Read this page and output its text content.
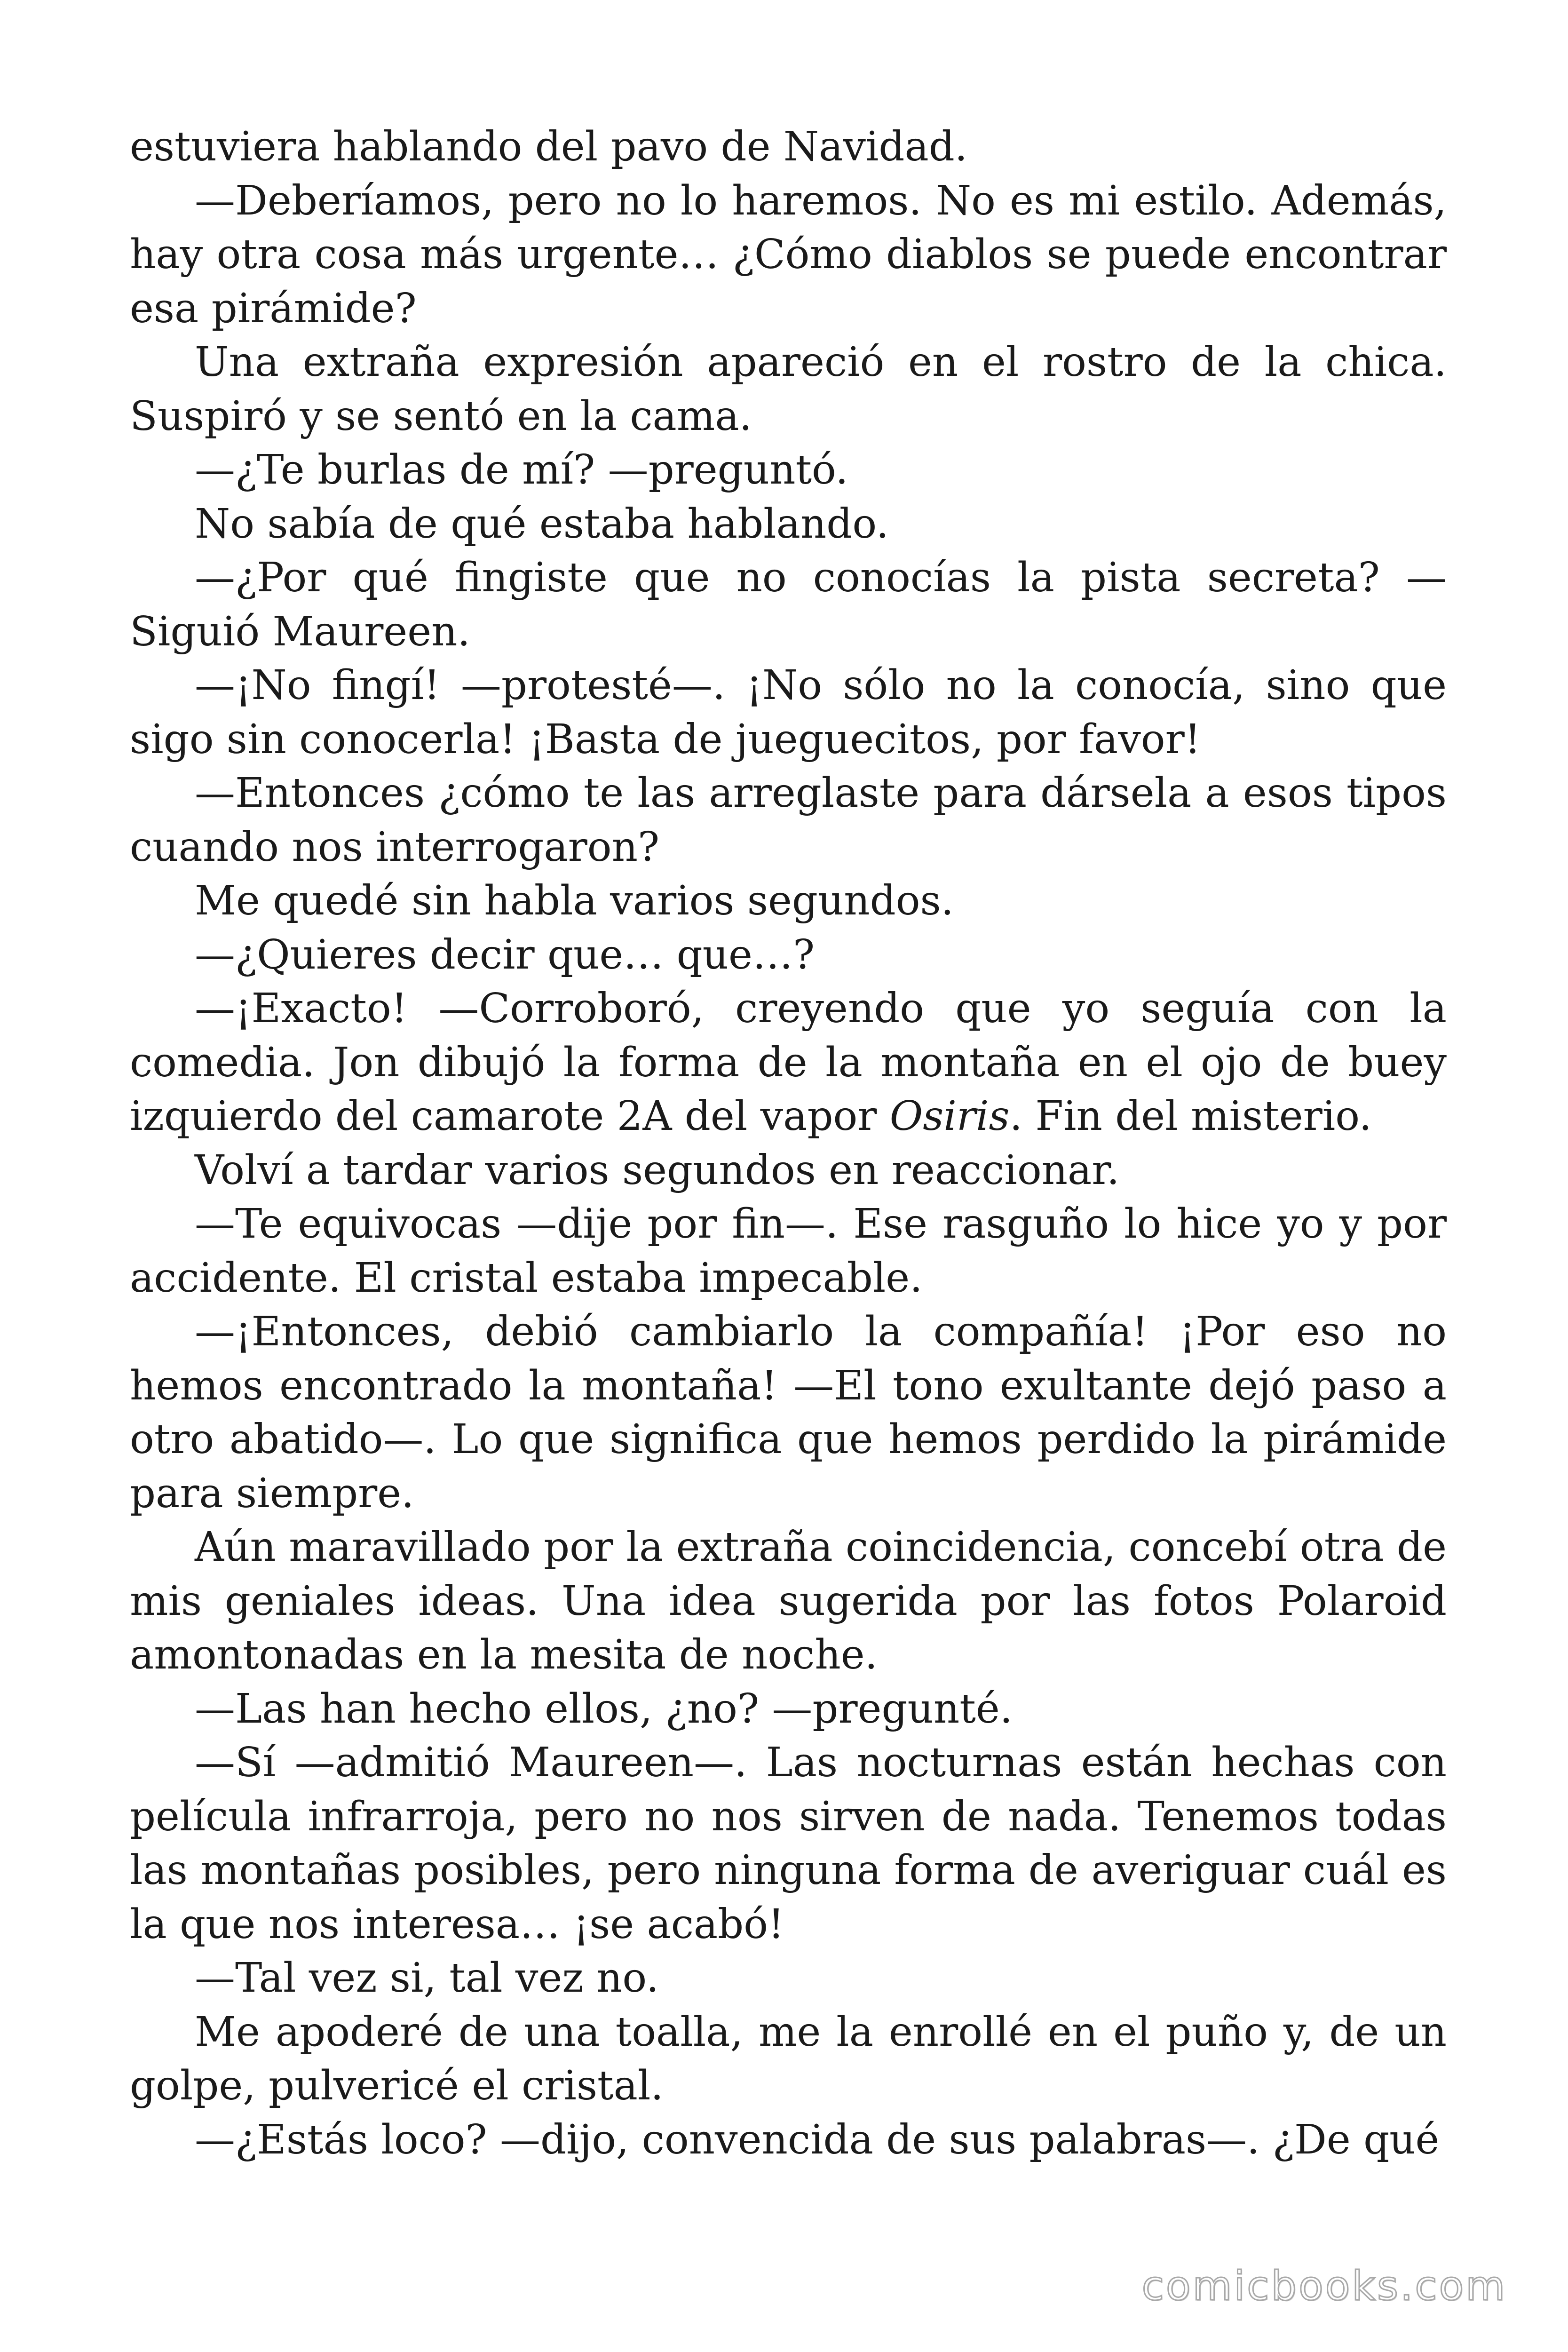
estuviera hablando del pavo de Navidad.

—Deberíamos, pero no lo haremos. No es mi estilo. Además, hay otra cosa más urgente… ¿Cómo diablos se puede encontrar esa pirámide?

Una extraña expresión apareció en el rostro de la chica. Suspiró y se sentó en la cama.

—¿Te burlas de mí? —preguntó.

No sabía de qué estaba hablando.

—¿Por qué fingiste que no conocías la pista secreta? —Siguió Maureen.

—¡No fingí! —protesté—. ¡No sólo no la conocía, sino que sigo sin conocerla! ¡Basta de jueguecitos, por favor!

—Entonces ¿cómo te las arreglaste para dársela a esos tipos cuando nos interrogaron?

Me quedé sin habla varios segundos.

—¿Quieres decir que… que…?

—¡Exacto! —Corroboró, creyendo que yo seguía con la comedia. Jon dibujó la forma de la montaña en el ojo de buey izquierdo del camarote 2A del vapor Osiris. Fin del misterio.

Volví a tardar varios segundos en reaccionar.

—Te equivocas —dije por fin—. Ese rasguño lo hice yo y por accidente. El cristal estaba impecable.

—¡Entonces, debió cambiarlo la compañía! ¡Por eso no hemos encontrado la montaña! —El tono exultante dejó paso a otro abatido—. Lo que significa que hemos perdido la pirámide para siempre.

Aún maravillado por la extraña coincidencia, concebí otra de mis geniales ideas. Una idea sugerida por las fotos Polaroid amontonadas en la mesita de noche.

—Las han hecho ellos, ¿no? —pregunté.

—Sí —admitió Maureen—. Las nocturnas están hechas con película infrarroja, pero no nos sirven de nada. Tenemos todas las montañas posibles, pero ninguna forma de averiguar cuál es la que nos interesa… ¡se acabó!

—Tal vez si, tal vez no.

Me apoderé de una toalla, me la enrollé en el puño y, de un golpe, pulvericé el cristal.

—¿Estás loco? —dijo, convencida de sus palabras—. ¿De qué

comicbooks.com
